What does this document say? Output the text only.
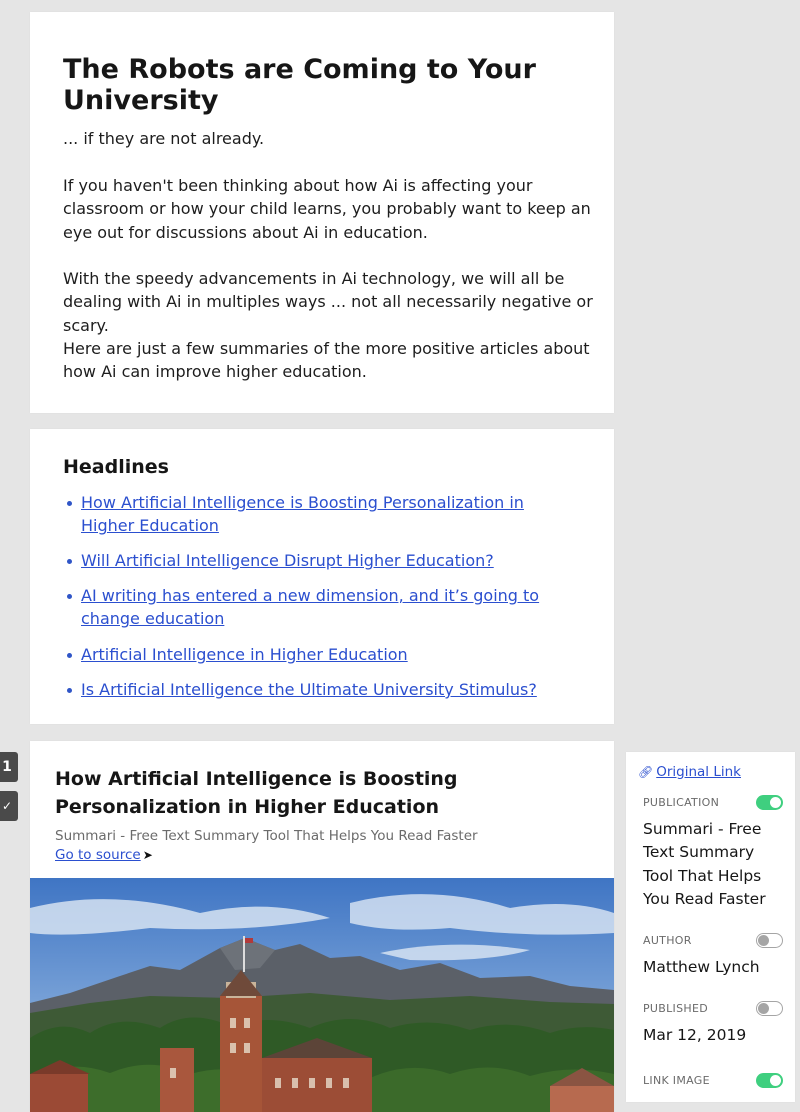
The Robots are Coming to Your University

... if they are not already.

If you haven't been thinking about how Ai is affecting your classroom or how your child learns, you probably want to keep an eye out for discussions about Ai in education.

With the speedy advancements in Ai technology, we will all be dealing with Ai in multiples ways ... not all necessarily negative or scary.

Here are just a few summaries of the more positive articles about how Ai can improve higher education.

Headlines
How Artificial Intelligence is Boosting Personalization in Higher Education
Will Artificial Intelligence Disrupt Higher Education?
AI writing has entered a new dimension, and it’s going to change education
Artificial Intelligence in Higher Education
Is Artificial Intelligence the Ultimate University Stimulus?
1
✓
How Artificial Intelligence is Boosting Personalization in Higher Education
Summari - Free Text Summary Tool That Helps You Read Faster
Go to source ➤
🔗︎ Original Link
PUBLICATION
Summari - Free Text Summary Tool That Helps You Read Faster
AUTHOR
Matthew Lynch
PUBLISHED
Mar 12, 2019
LINK IMAGE
